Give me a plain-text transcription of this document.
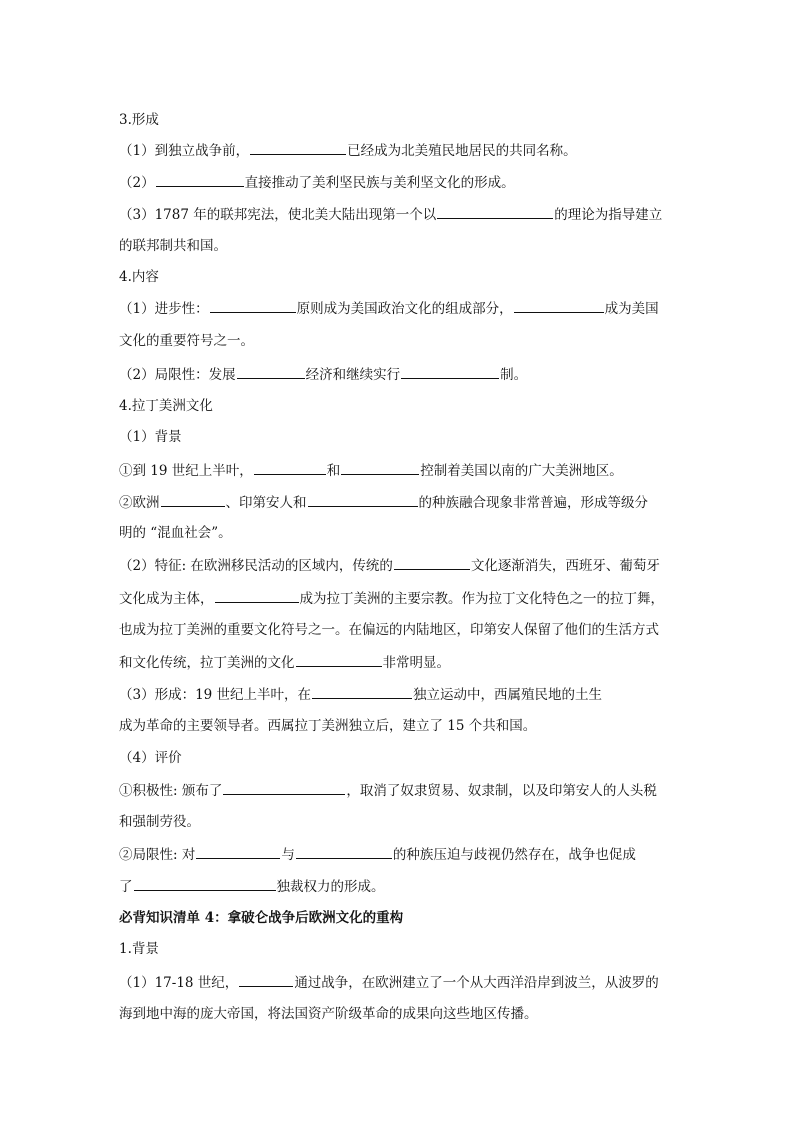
3.形成
（1）到独立战争前，	已经成为北美殖民地居民的共同名称。
（2）	直接推动了美利坚民族与美利坚文化的形成。
（3）1787 年的联邦宪法，使北美大陆出现第一个以	的理论为指导建立
的联邦制共和国。
4.内容
（1）进步性：	原则成为美国政治文化的组成部分，	成为美国
文化的重要符号之一。
（2）局限性：发展	经济和继续实行	制。
4.拉丁美洲文化
（1）背景
①到 19 世纪上半叶，	和	控制着美国以南的广大美洲地区。
②欧洲	、印第安人和	的种族融合现象非常普遍，形成等级分
明的 “混血社会”。
（2）特征: 在欧洲移民活动的区域内，传统的	文化逐渐消失，西班牙、葡萄牙
文化成为主体，	成为拉丁美洲的主要宗教。作为拉丁文化特色之一的拉丁舞，
也成为拉丁美洲的重要文化符号之一。在偏远的内陆地区，印第安人保留了他们的生活方式
和文化传统，拉丁美洲的文化	非常明显。
（3）形成：19 世纪上半叶，在	独立运动中，西属殖民地的土生
成为革命的主要领导者。西属拉丁美洲独立后，建立了 15 个共和国。
（4）评价
①积极性: 颁布了	，取消了奴隶贸易、奴隶制，以及印第安人的人头税
和强制劳役。
②局限性: 对	与	的种族压迫与歧视仍然存在，战争也促成
了	独裁权力的形成。
必背知识清单 4：拿破仑战争后欧洲文化的重构
1.背景
（1）17-18 世纪，	通过战争，在欧洲建立了一个从大西洋沿岸到波兰，从波罗的
海到地中海的庞大帝国，将法国资产阶级革命的成果向这些地区传播。
